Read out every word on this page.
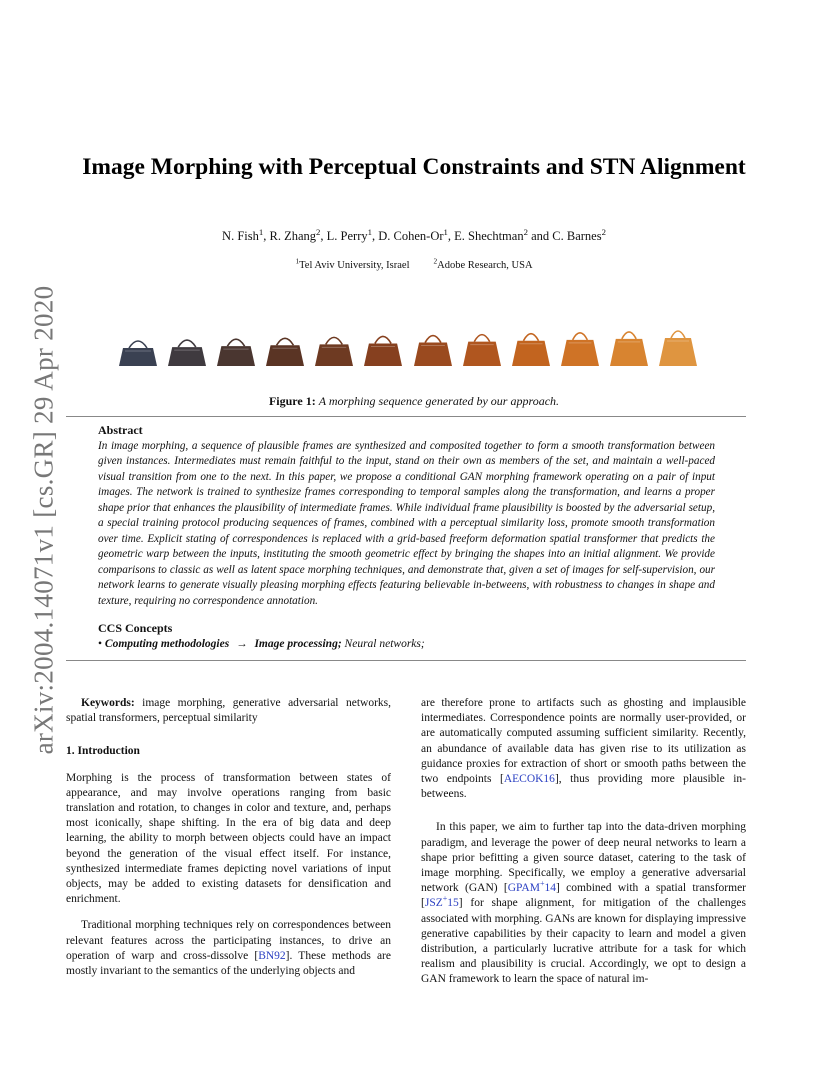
arXiv:2004.14071v1 [cs.GR] 29 Apr 2020
Image Morphing with Perceptual Constraints and STN Alignment
N. Fish$^1$, R. Zhang$^2$, L. Perry$^1$, D. Cohen-Or$^1$, E. Shechtman$^2$ and C. Barnes$^2$
$^1$Tel Aviv University, Israel	$^2$Adobe Research, USA
Figure 1: A morphing sequence generated by our approach.
Abstract
In image morphing, a sequence of plausible frames are synthesized and composited together to form a smooth transformation between given instances. Intermediates must remain faithful to the input, stand on their own as members of the set, and maintain a well-paced visual transition from one to the next. In this paper, we propose a conditional GAN morphing framework operating on a pair of input images. The network is trained to synthesize frames corresponding to temporal samples along the transformation, and learns a proper shape prior that enhances the plausibility of intermediate frames. While individual frame plausibility is boosted by the adversarial setup, a special training protocol producing sequences of frames, combined with a perceptual similarity loss, promote smooth transformation over time. Explicit stating of correspondences is replaced with a grid-based freeform deformation spatial transformer that predicts the geometric warp between the inputs, instituting the smooth geometric effect by bringing the shapes into an initial alignment. We provide comparisons to classic as well as latent space morphing techniques, and demonstrate that, given a set of images for self-supervision, our network learns to generate visually pleasing morphing effects featuring believable in-betweens, with robustness to changes in shape and texture, requiring no correspondence annotation.
CCS Concepts
• Computing methodologies → Image processing; Neural networks;

Keywords: image morphing, generative adversarial networks, spatial transformers, perceptual similarity

1. Introduction

Morphing is the process of transformation between states of appearance, and may involve operations ranging from basic translation and rotation, to changes in color and texture, and, perhaps most iconically, shape shifting. In the era of big data and deep learning, the ability to morph between objects could have an impact beyond the generation of the visual effect itself. For instance, synthesized intermediate frames depicting novel variations of input objects, may be added to existing datasets for densification and enrichment.

Traditional morphing techniques rely on correspondences between relevant features across the participating instances, to drive an operation of warp and cross-dissolve [BN92]. These methods are mostly invariant to the semantics of the underlying objects and

are therefore prone to artifacts such as ghosting and implausible intermediates. Correspondence points are normally user-provided, or are automatically computed assuming sufficient similarity. Recently, an abundance of available data has given rise to its utilization as guidance proxies for extraction of short or smooth paths between the two endpoints [AECOK16], thus providing more plausible in-betweens.

In this paper, we aim to further tap into the data-driven morphing paradigm, and leverage the power of deep neural networks to learn a shape prior befitting a given source dataset, catering to the task of image morphing. Specifically, we employ a generative adversarial network (GAN) [GPAM+14] combined with a spatial transformer [JSZ+15] for shape alignment, for mitigation of the challenges associated with morphing. GANs are known for displaying impressive generative capabilities by their capacity to learn and model a given distribution, a particularly lucrative attribute for a task for which realism and plausibility is crucial. Accordingly, we opt to design a GAN framework to learn the space of natural im-
